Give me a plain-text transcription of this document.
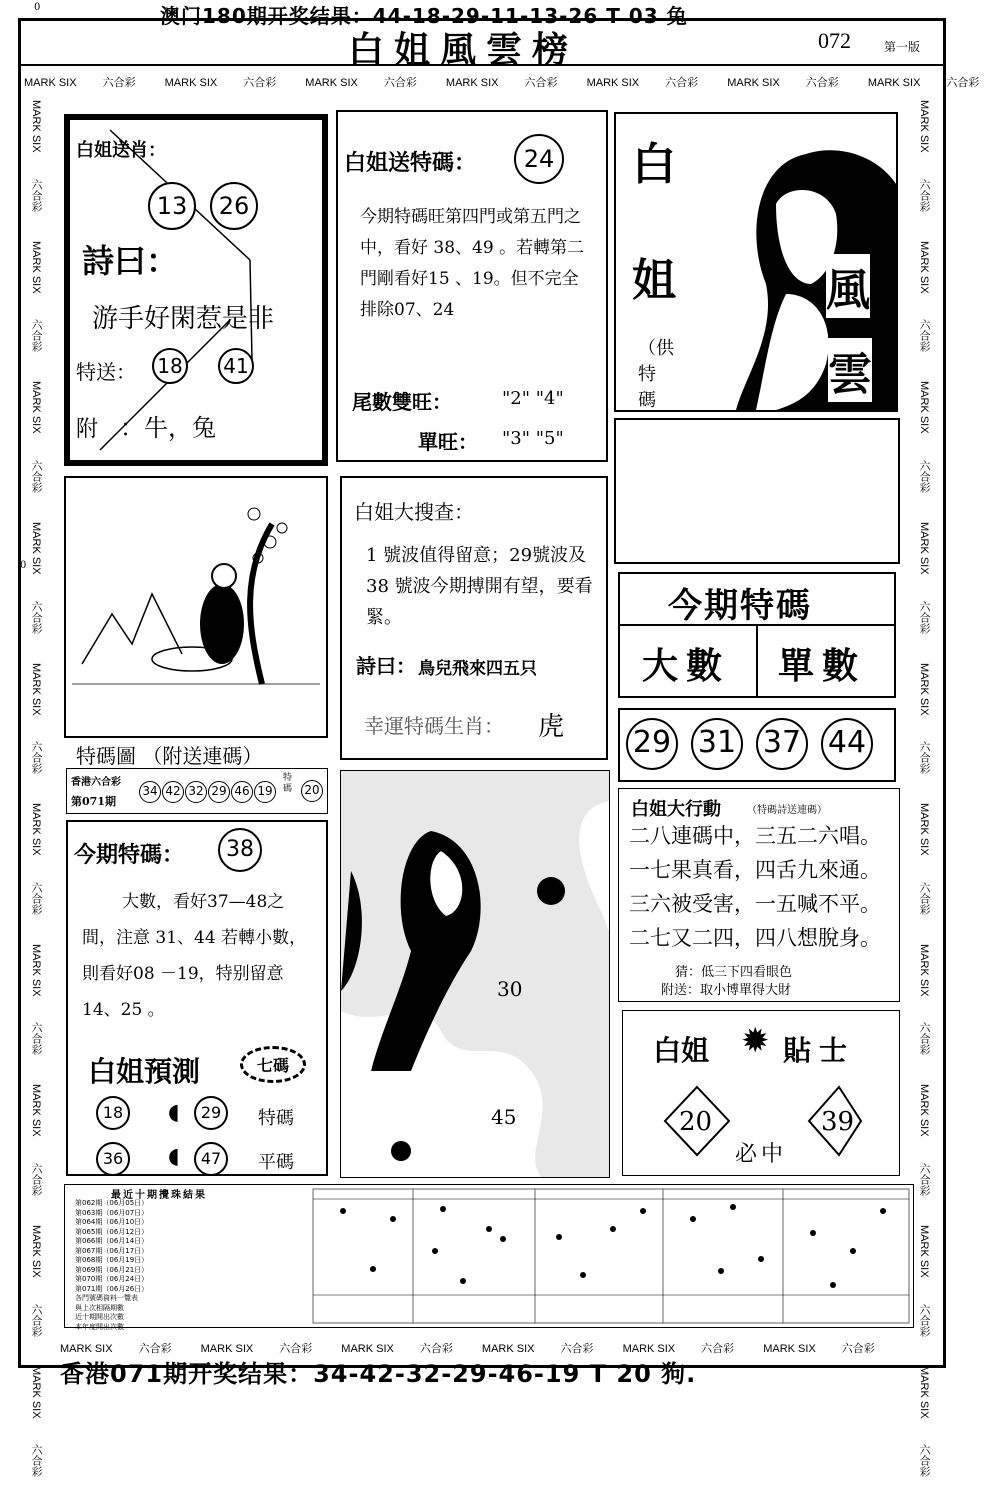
0
0
澳门180期开奖结果：44-18-29-11-13-26 T 03 兔
白姐風雲榜	072	第一版
MARK SIX 六合彩	MARK SIX 六合彩	MARK SIX 六合彩	MARK SIX 六合彩	MARK SIX 六合彩	MARK SIX 六合彩	MARK SIX 六合彩
MARK SIX 六合彩	MARK SIX 六合彩	MARK SIX 六合彩	MARK SIX 六合彩	MARK SIX 六合彩	MARK SIX 六合彩
MARK SIX六合彩 MARK SIX六合彩 MARK SIX六合彩 MARK SIX六合彩 MARK SIX六合彩 MARK SIX六合彩 MARK SIX六合彩 MARK SIX六合彩 MARK SIX六合彩 MARK SIX六合彩
MARK SIX六合彩 MARK SIX六合彩 MARK SIX六合彩 MARK SIX六合彩 MARK SIX六合彩 MARK SIX六合彩 MARK SIX六合彩 MARK SIX六合彩 MARK SIX六合彩 MARK SIX六合彩
白姐送肖：
13 26
詩曰：
游手好閑惹是非
特送： 18 41
附 ：牛，兔
白姐送特碼：	24
今期特碼旺第四門或第五門之中，看好 38、49 。若轉第二門剛看好15 、19。但不完全排除07、24
尾數雙旺：	"2" "4"
單旺： "3" "5"
白
姐	風
雲
（供特碼
特碼圖 （附送連碼）
白姐大搜查：
1 號波值得留意；29號波及38 號波今期搏開有望，要看緊。
詩曰： 鳥兒飛來四五只
幸運特碼生肖： 虎
今期特碼
大數 單數
29 31 37 44
香港六合彩
第071期
34 42 32 29 46 19
特碼	20
今期特碼：	38
大數，看好37—48之間，注意 31、44 若轉小數，則看好08 －19，特别留意 14、25 。
白姐預測	七碼
18	◖	29	特碼
36	◖	47	平碼
19	30
45
白姐大行動	（特碼詩送連碼）
二八連碼中，三五二六唱。
一七果真看，四舌九來通。
三六被受害，一五喊不平。
二七又二四，四八想脫身。
猜：低三下四看眼色
附送：取小博單得大財
白姐 ✹ 貼士
20	39
必中
最近十期攪珠結果
第062期（06月05日）
第063期（06月07日）
第064期（06月10日）
第065期（06月12日）
第066期（06月14日）
第067期（06月17日）
第068期（06月19日）
第069期（06月21日）
第070期（06月24日）
第071期（06月26日）
各門號碼資料一覽表
與上次相隔期數
近十期開出次數
本年度開出次數
香港071期开奖结果：34-42-32-29-46-19 T 20 狗.
